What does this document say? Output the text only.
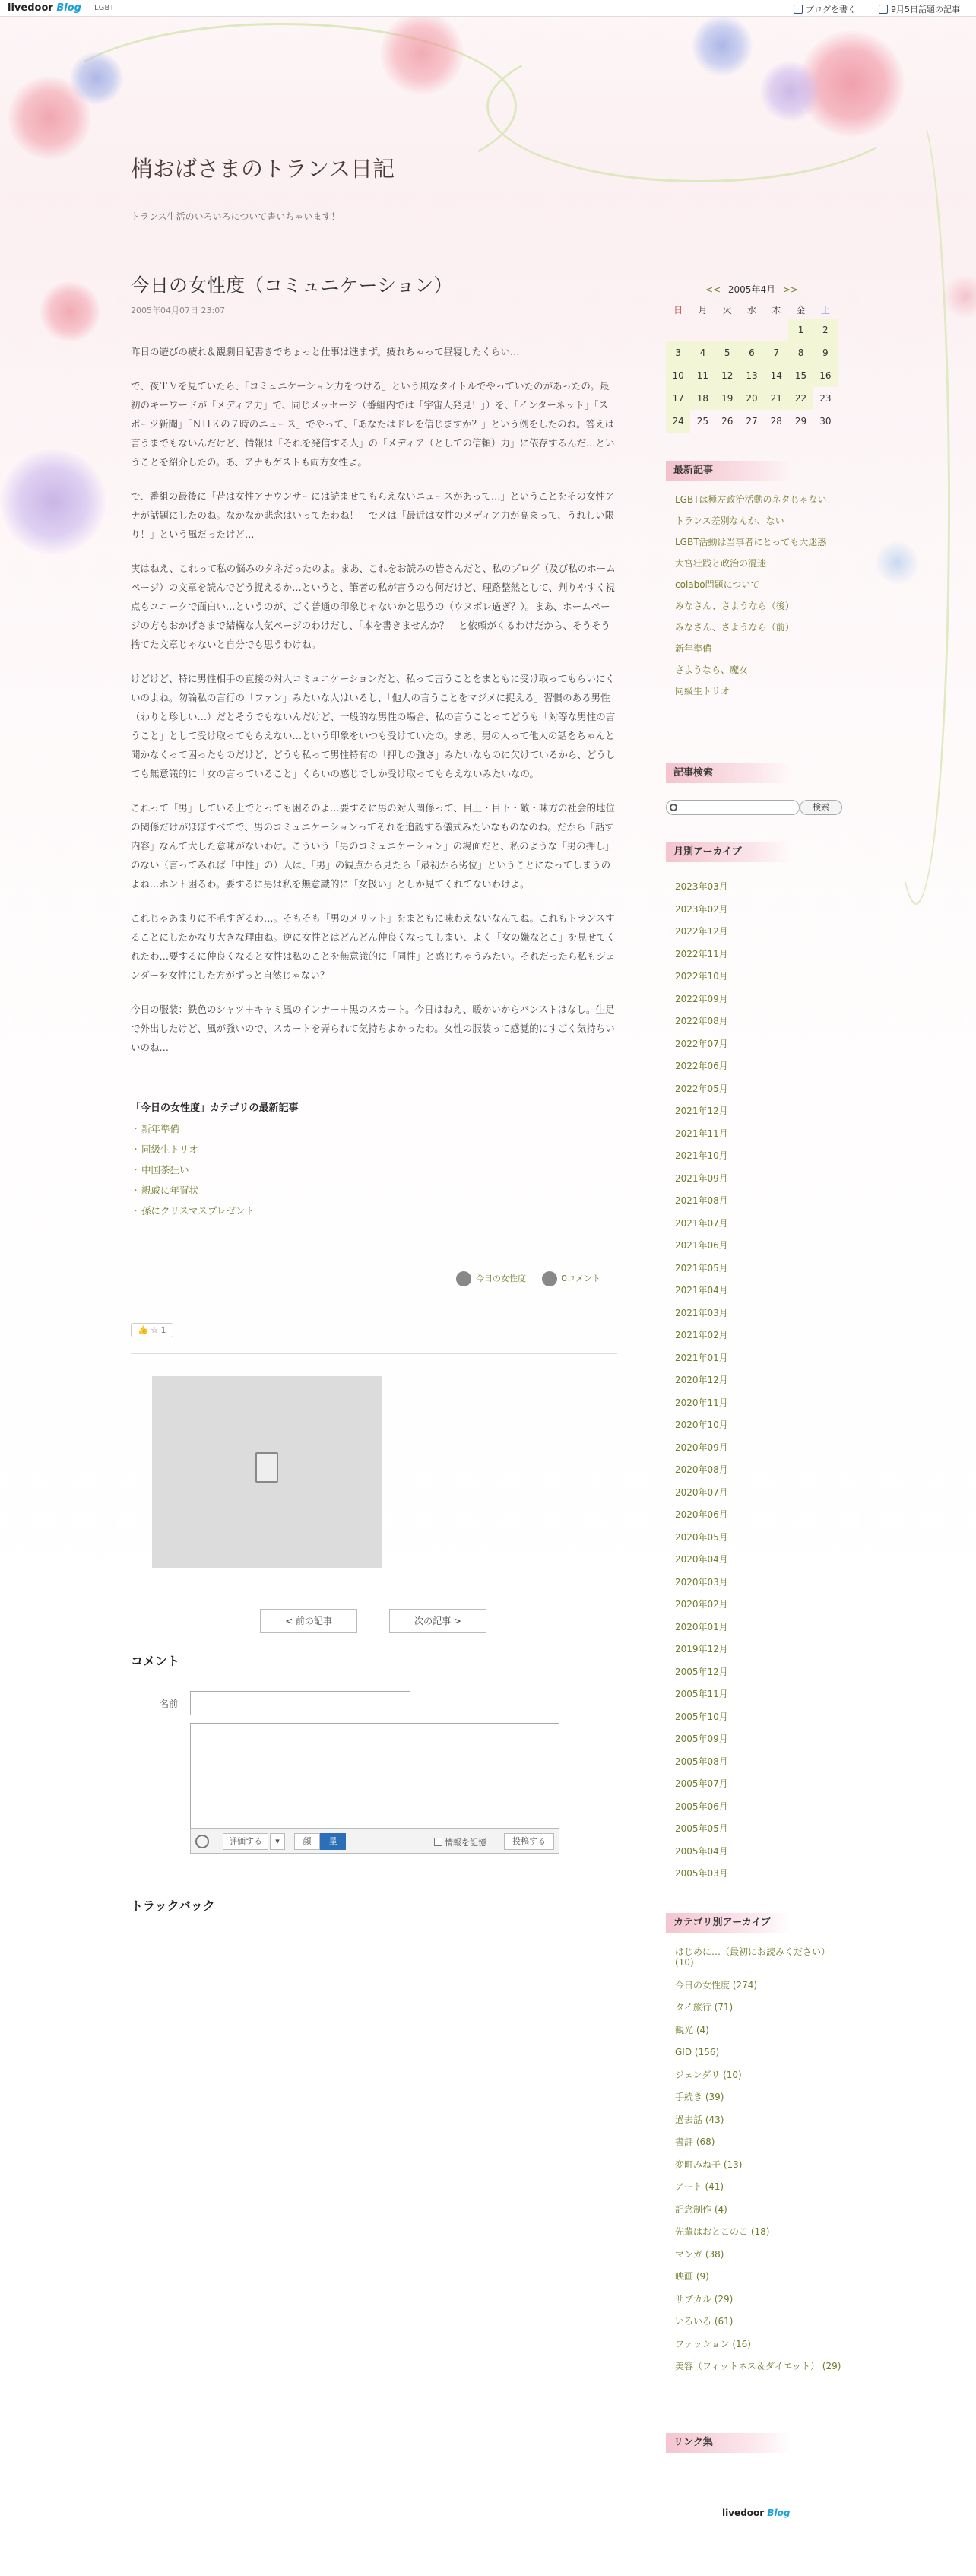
livedoor Blog LGBT	ブログを書く	9月5日話題の記事
梢おばさまのトランス日記
トランス生活のいろいろについて書いちゃいます！
今日の女性度（コミュニケーション）
2005年04月07日 23:07

昨日の遊びの疲れ＆観劇日記書きでちょっと仕事は進まず。疲れちゃって昼寝したくらい…

で、夜ＴＶを見ていたら、「コミュニケーション力をつける」という風なタイトルでやっていたのがあったの。最初のキーワードが「メディア力」で、同じメッセージ（番組内では「宇宙人発見！」）を、「インターネット」「スポーツ新聞」「ＮＨＫの７時のニュース」でやって、「あなたはドレを信じますか？」という例をしたのね。答えは言うまでもないんだけど、情報は「それを発信する人」の「メディア（としての信頼）力」に依存するんだ…ということを紹介したの。あ、アナもゲストも両方女性よ。

で、番組の最後に「昔は女性アナウンサーには読ませてもらえないニュースがあって…」ということをその女性アナが話題にしたのね。なかなか悲念はいってたわね！　でメは「最近は女性のメディア力が高まって、うれしい限り！」という風だったけど…

実はねえ、これって私の悩みのタネだったのよ。まあ、これをお読みの皆さんだと、私のブログ（及び私のホームページ）の文章を読んでどう捉えるか…というと、筆者の私が言うのも何だけど、理路整然として、判りやすく視点もユニークで面白い…というのが、ごく普通の印象じゃないかと思うの（ウヌボレ過ぎ？）。まあ、ホームページの方もおかげさまで結構な人気ページのわけだし、「本を書きませんか？」と依頼がくるわけだから、そうそう捨てた文章じゃないと自分でも思うわけね。

けどけど、特に男性相手の直接の対人コミュニケーションだと、私って言うことをまともに受け取ってもらいにくいのよね。勿論私の言行の「ファン」みたいな人はいるし、「他人の言うことをマジメに捉える」習慣のある男性（わりと珍しい…）だとそうでもないんだけど、一般的な男性の場合、私の言うことってどうも「対等な男性の言うこと」として受け取ってもらえない…という印象をいつも受けていたの。まあ、男の人って他人の話をちゃんと聞かなくって困ったものだけど、どうも私って男性特有の「押しの強さ」みたいなものに欠けているから、どうしても無意識的に「女の言っていること」くらいの感じでしか受け取ってもらえないみたいなの。

これって「男」している上でとっても困るのよ…要するに男の対人関係って、目上・目下・敵・味方の社会的地位の関係だけがほぼすべてで、男のコミュニケーションってそれを追認する儀式みたいなものなのね。だから「話す内容」なんて大した意味がないわけ。こういう「男のコミュニケーション」の場面だと、私のような「男の押し」のない（言ってみれば「中性」の）人は、「男」の観点から見たら「最初から劣位」ということになってしまうのよね…ホント困るわ。要するに男は私を無意識的に「女扱い」としか見てくれてないわけよ。

これじゃあまりに不毛すぎるわ…。そもそも「男のメリット」をまともに味わえないなんてね。これもトランスすることにしたかなり大きな理由ね。逆に女性とはどんどん仲良くなってしまい、よく「女の嫌なとこ」を見せてくれたわ…要するに仲良くなると女性は私のことを無意識的に「同性」と感じちゃうみたい。それだったら私もジェンダーを女性にした方がずっと自然じゃない？

今日の服装：鉄色のシャツ＋キャミ風のインナー＋黒のスカート。今日はねえ、暖かいからパンストはなし。生足で外出したけど、風が強いので、スカートを弄られて気持ちよかったわ。女性の服装って感覚的にすごく気持ちいいのね…

「今日の女性度」カテゴリの最新記事
・ 新年準備
・ 同級生トリオ
・ 中国茶狂い
・ 親戚に年賀状
・ 孫にクリスマスプレゼント
今日の女性度	0コメント
👍 ☆ 1
< 前の記事	次の記事 >
コメント
名前
評価する	▾	顔	星	情報を記憶	投稿する
トラックバック
<< 2005年4月 >>
日	月	火	水	木	金	土
					1	2
3	4	5	6	7	8	9
10	11	12	13	14	15	16
17	18	19	20	21	22	23
24	25	26	27	28	29	30
最新記事
LGBTは極左政治活動のネタじゃない！
トランス差別なんか、ない
LGBT活動は当事者にとっても大迷惑
大宮壮践と政治の混迷
colabo問題について
みなさん、さようなら（後）
みなさん、さようなら（前）
新年準備
さようなら、魔女
同級生トリオ
記事検索
検索
月別アーカイブ
2023年03月
2023年02月
2022年12月
2022年11月
2022年10月
2022年09月
2022年08月
2022年07月
2022年06月
2022年05月
2021年12月
2021年11月
2021年10月
2021年09月
2021年08月
2021年07月
2021年06月
2021年05月
2021年04月
2021年03月
2021年02月
2021年01月
2020年12月
2020年11月
2020年10月
2020年09月
2020年08月
2020年07月
2020年06月
2020年05月
2020年04月
2020年03月
2020年02月
2020年01月
2019年12月
2005年12月
2005年11月
2005年10月
2005年09月
2005年08月
2005年07月
2005年06月
2005年05月
2005年04月
2005年03月
カテゴリ別アーカイブ
はじめに…（最初にお読みください） (10)
今日の女性度 (274)
タイ旅行 (71)
観光 (4)
GID (156)
ジェンダリ (10)
手続き (39)
過去話 (43)
書評 (68)
変町みね子 (13)
アート (41)
記念制作 (4)
先輩はおとこのこ (18)
マンガ (38)
映画 (9)
サブカル (29)
いろいろ (61)
ファッション (16)
美容（フィットネス＆ダイエット） (29)
リンク集
livedoor Blog
